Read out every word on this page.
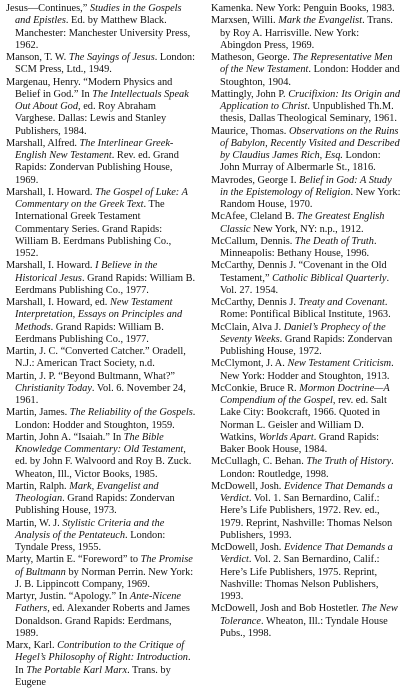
Jesus—Continues,” Studies in the Gospels and Epistles. Ed. by Matthew Black. Manchester: Manchester University Press, 1962.

Manson, T. W. The Sayings of Jesus. London: SCM Press, Ltd., 1949.

Margenau, Henry. “Modern Physics and Belief in God.” In The Intellectuals Speak Out About God, ed. Roy Abraham Varghese. Dallas: Lewis and Stanley Publishers, 1984.

Marshall, Alfred. The Interlinear Greek-English New Testament. Rev. ed. Grand Rapids: Zondervan Publishing House, 1969.

Marshall, I. Howard. The Gospel of Luke: A Commentary on the Greek Text. The International Greek Testament Commentary Series. Grand Rapids: William B. Eerdmans Publishing Co., 1952.

Marshall, I. Howard. I Believe in the Historical Jesus. Grand Rapids: William B. Eerdmans Publishing Co., 1977.

Marshall, I. Howard, ed. New Testament Interpretation, Essays on Principles and Methods. Grand Rapids: William B. Eerdmans Publishing Co., 1977.

Martin, J. C. “Converted Catcher.” Oradell, N.J.: American Tract Society, n.d.

Martin, J. P. “Beyond Bultmann, What?” Christianity Today. Vol. 6. November 24, 1961.

Martin, James. The Reliability of the Gospels. London: Hodder and Stoughton, 1959.

Martin, John A. “Isaiah.” In The Bible Knowledge Commentary: Old Testament, ed. by John F. Walvoord and Roy B. Zuck. Wheaton, Ill., Victor Books, 1985.

Martin, Ralph. Mark, Evangelist and Theologian. Grand Rapids: Zondervan Publishing House, 1973.

Martin, W. J. Stylistic Criteria and the Analysis of the Pentateuch. London: Tyndale Press, 1955.

Marty, Martin E. “Foreword” to The Promise of Bultmann by Norman Perrin. New York: J. B. Lippincott Company, 1969.

Martyr, Justin. “Apology.” In Ante-Nicene Fathers, ed. Alexander Roberts and James Donaldson. Grand Rapids: Eerdmans, 1989.

Marx, Karl. Contribution to the Critique of Hegel’s Philosophy of Right: Introduction. In The Portable Karl Marx. Trans. by Eugene

Kamenka. New York: Penguin Books, 1983.

Marxsen, Willi. Mark the Evangelist. Trans. by Roy A. Harrisville. New York: Abingdon Press, 1969.

Matheson, George. The Representative Men of the New Testament. London: Hodder and Stoughton, 1904.

Mattingly, John P. Crucifixion: Its Origin and Application to Christ. Unpublished Th.M. thesis, Dallas Theological Seminary, 1961.

Maurice, Thomas. Observations on the Ruins of Babylon, Recently Visited and Described by Claudius James Rich, Esq. London: John Murray of Albermarle St., 1816.

Mavrodes, George I. Belief in God: A Study in the Epistemology of Religion. New York: Random House, 1970.

McAfee, Cleland B. The Greatest English Classic New York, NY: n.p., 1912.

McCallum, Dennis. The Death of Truth. Minneapolis: Bethany House, 1996.

McCarthy, Dennis J. “Covenant in the Old Testament,” Catholic Biblical Quarterly. Vol. 27. 1954.

McCarthy, Dennis J. Treaty and Covenant. Rome: Pontifical Biblical Institute, 1963.

McClain, Alva J. Daniel’s Prophecy of the Seventy Weeks. Grand Rapids: Zondervan Publishing House, 1972.

McClymont, J. A. New Testament Criticism. New York: Hodder and Stoughton, 1913.

McConkie, Bruce R. Mormon Doctrine—A Compendium of the Gospel, rev. ed. Salt Lake City: Bookcraft, 1966. Quoted in Norman L. Geisler and William D. Watkins, Worlds Apart. Grand Rapids: Baker Book House, 1984.

McCullagh, C. Behan. The Truth of History. London: Routledge, 1998.

McDowell, Josh. Evidence That Demands a Verdict. Vol. 1. San Bernardino, Calif.: Here’s Life Publishers, 1972. Rev. ed., 1979. Reprint, Nashville: Thomas Nelson Publishers, 1993.

McDowell, Josh. Evidence That Demands a Verdict. Vol. 2. San Bernardino, Calif.: Here’s Life Publishers, 1975. Reprint, Nashville: Thomas Nelson Publishers, 1993.

McDowell, Josh and Bob Hostetler. The New Tolerance. Wheaton, Ill.: Tyndale House Pubs., 1998.
